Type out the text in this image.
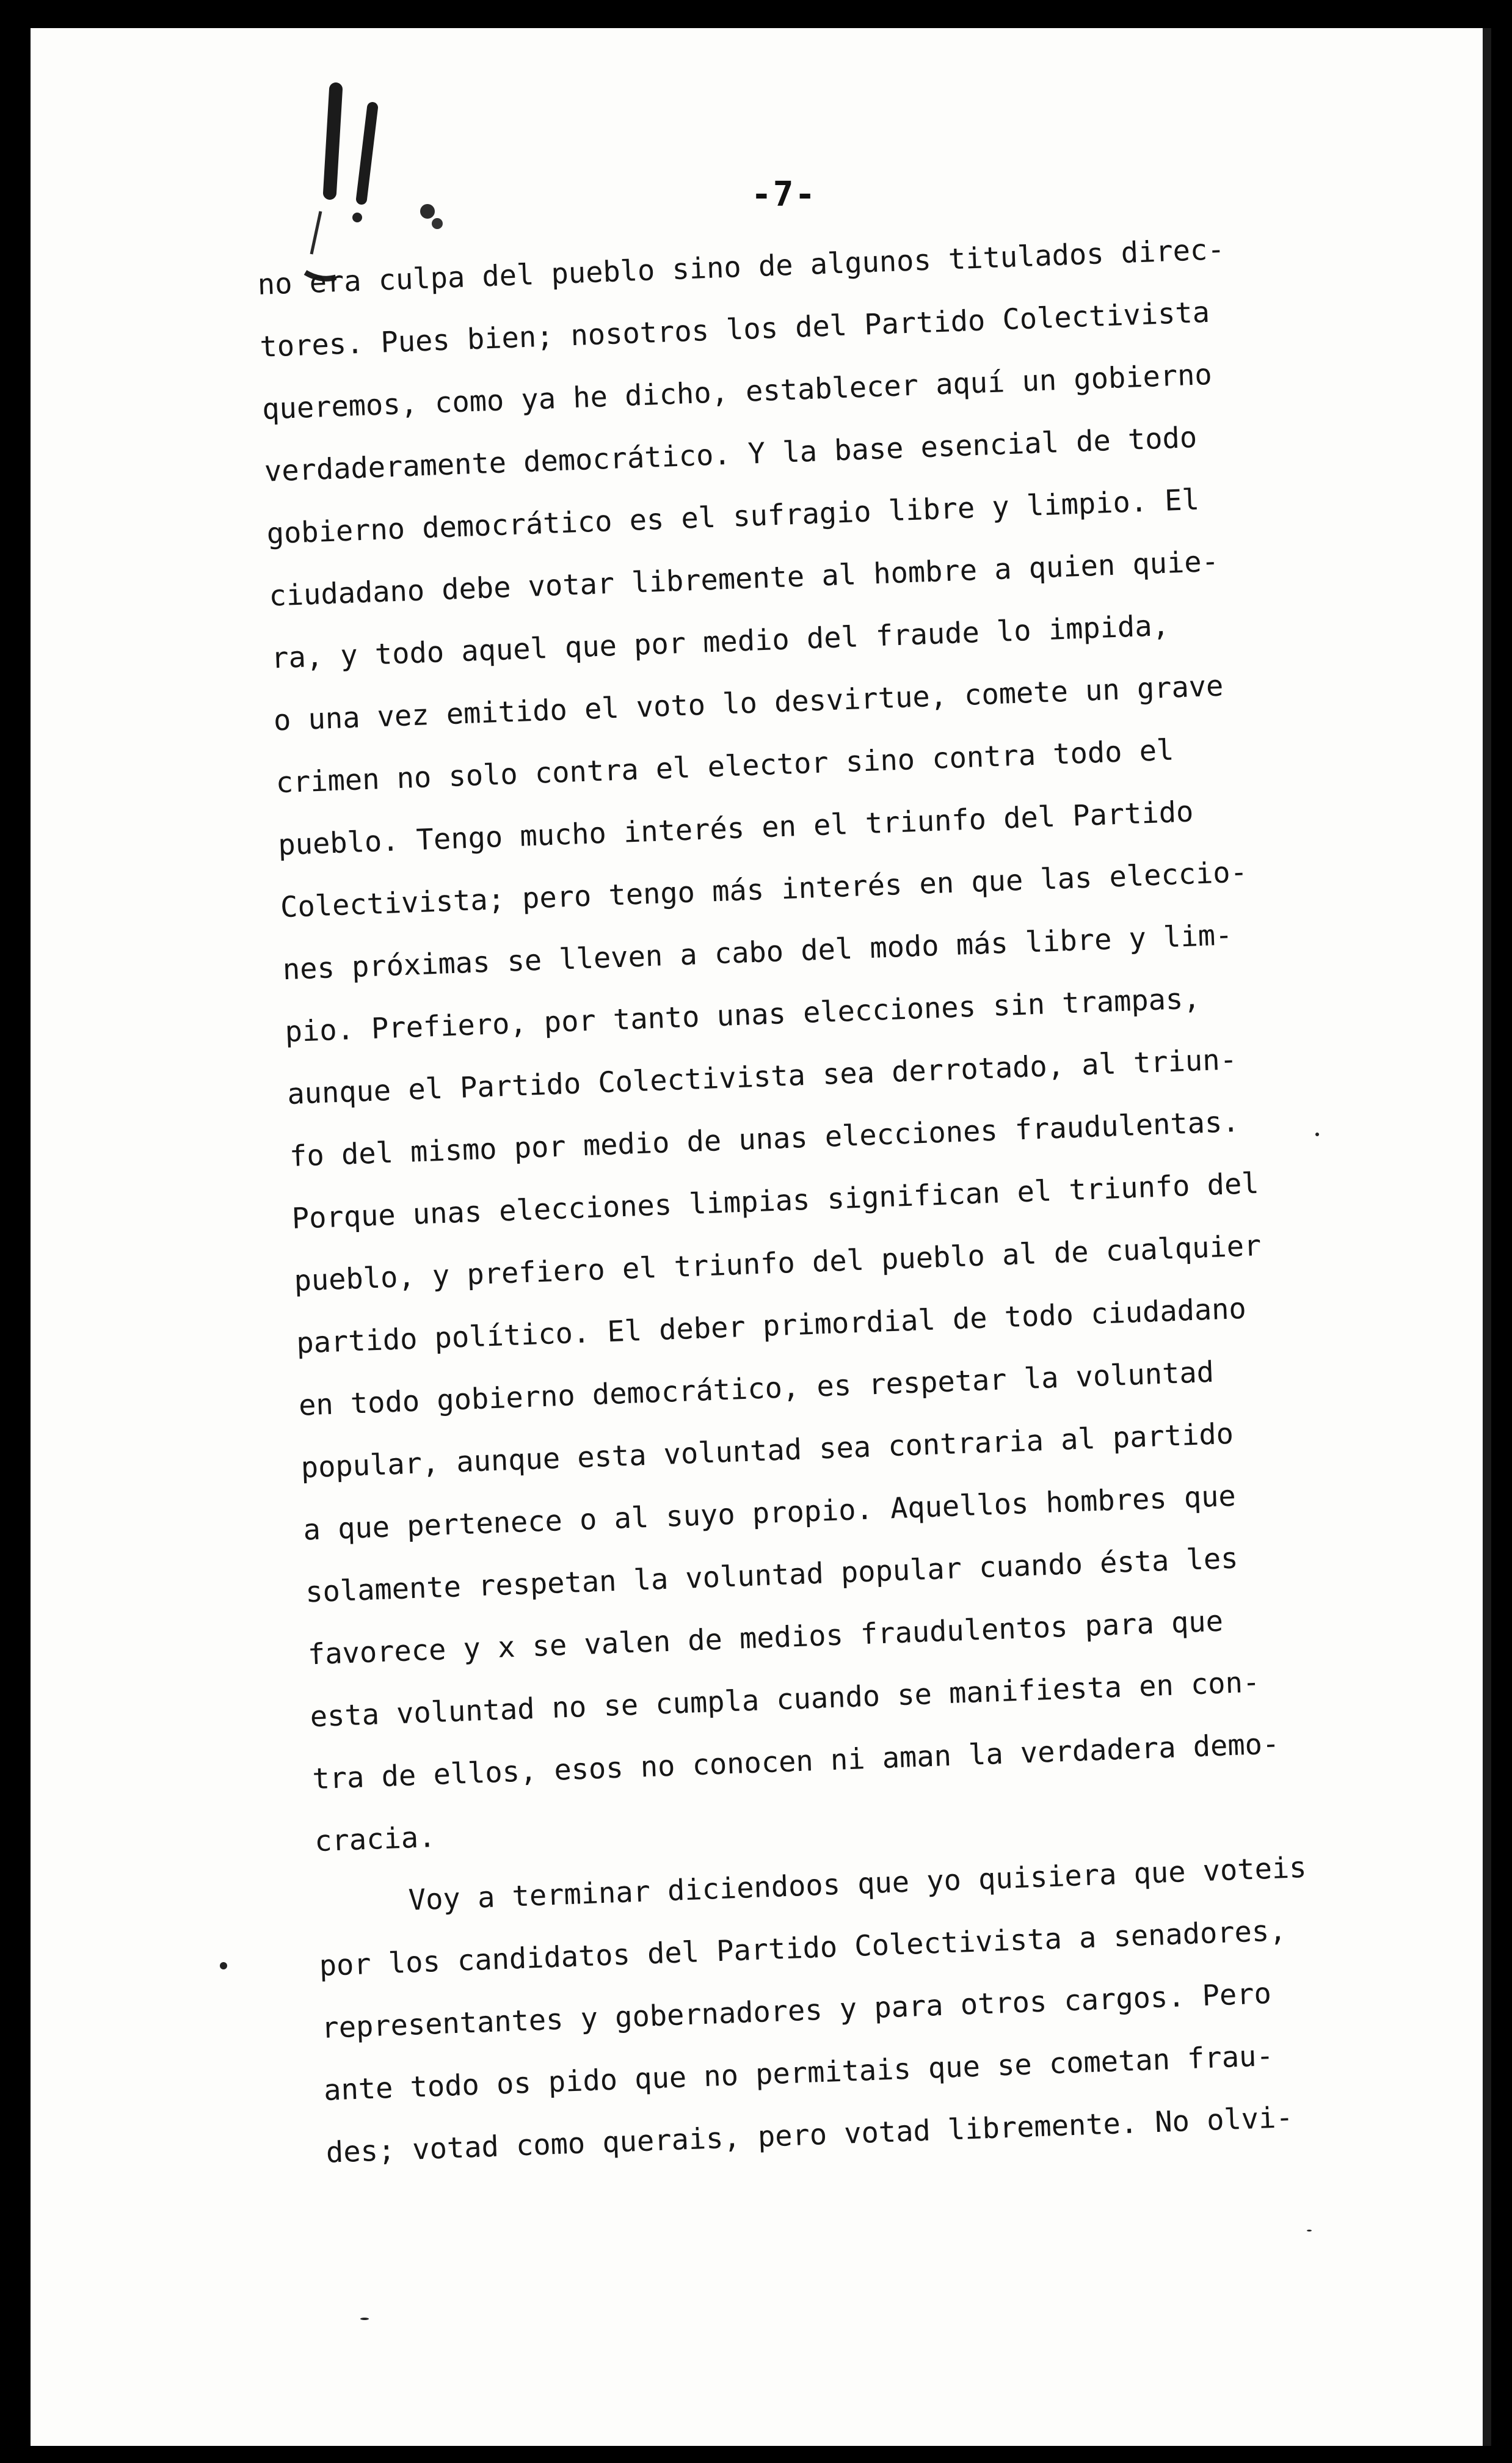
-7-
no era culpa del pueblo sino de algunos titulados direc-
tores. Pues bien; nosotros los del Partido Colectivista
queremos, como ya he dicho, establecer aquí un gobierno
verdaderamente democrático. Y la base esencial de todo
gobierno democrático es el sufragio libre y limpio. El
ciudadano debe votar libremente al hombre a quien quie-
ra, y todo aquel que por medio del fraude lo impida,
o una vez emitido el voto lo desvirtue, comete un grave
crimen no solo contra el elector sino contra todo el
pueblo. Tengo mucho interés en el triunfo del Partido
Colectivista; pero tengo más interés en que las eleccio-
nes próximas se lleven a cabo del modo más libre y lim-
pio. Prefiero, por tanto unas elecciones sin trampas,
aunque el Partido Colectivista sea derrotado, al triun-
fo del mismo por medio de unas elecciones fraudulentas.
Porque unas elecciones limpias significan el triunfo del
pueblo, y prefiero el triunfo del pueblo al de cualquier
partido político. El deber primordial de todo ciudadano
en todo gobierno democrático, es respetar la voluntad
popular, aunque esta voluntad sea contraria al partido
a que pertenece o al suyo propio. Aquellos hombres que
solamente respetan la voluntad popular cuando ésta les
favorece y x se valen de medios fraudulentos para que
esta voluntad no se cumpla cuando se manifiesta en con-
tra de ellos, esos no conocen ni aman la verdadera demo-
cracia.
Voy a terminar diciendoos que yo quisiera que voteis
por los candidatos del Partido Colectivista a senadores,
representantes y gobernadores y para otros cargos. Pero
ante todo os pido que no permitais que se cometan frau-
des; votad como querais, pero votad libremente. No olvi-
